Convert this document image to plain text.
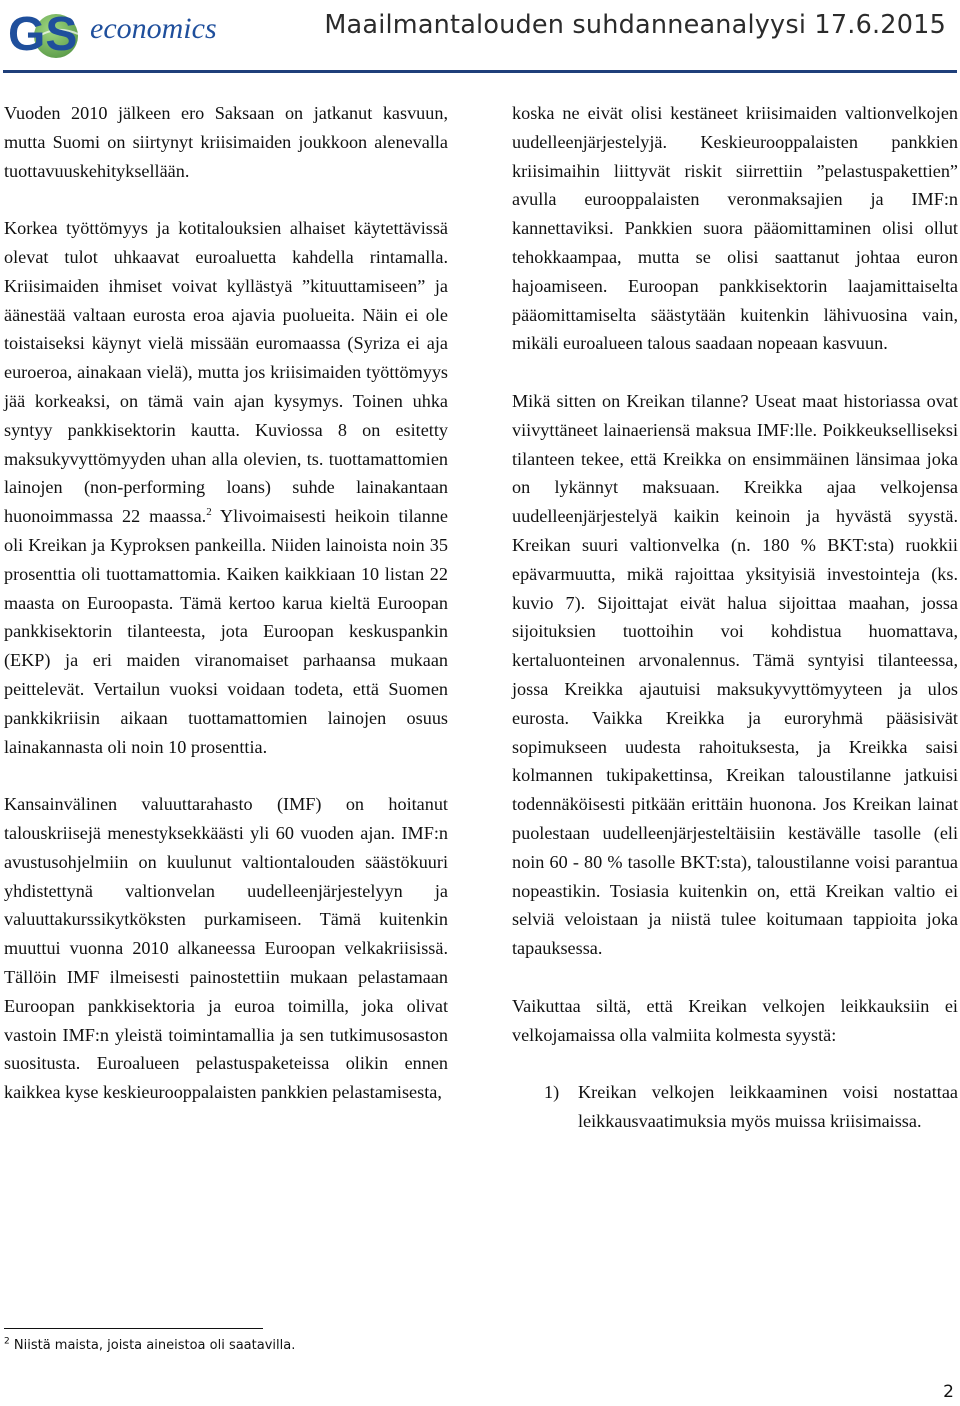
GS economics	Maailmantalouden suhdanneanalyysi 17.6.2015

Vuoden 2010 jälkeen ero Saksaan on jatkanut kasvuun, mutta Suomi on siirtynyt kriisimaiden joukkoon alenevalla tuottavuuskehityksellään.

Korkea työttömyys ja kotitalouksien alhaiset käytettävissä olevat tulot uhkaavat euroaluetta kahdella rintamalla. Kriisimaiden ihmiset voivat kyllästyä ”kituuttamiseen” ja äänestää valtaan eurosta eroa ajavia puolueita. Näin ei ole toistaiseksi käynyt vielä missään euromaassa (Syriza ei aja euroeroa, ainakaan vielä), mutta jos kriisimaiden työttömyys jää korkeaksi, on tämä vain ajan kysymys. Toinen uhka syntyy pankkisektorin kautta. Kuviossa 8 on esitetty maksukyvyttömyyden uhan alla olevien, ts. tuottamattomien lainojen (non-performing loans) suhde lainakantaan huonoimmassa 22 maassa.$^2$ Ylivoimaisesti heikoin tilanne oli Kreikan ja Kyproksen pankeilla. Niiden lainoista noin 35 prosenttia oli tuottamattomia. Kaiken kaikkiaan 10 listan 22 maasta on Euroopasta. Tämä kertoo karua kieltä Euroopan pankkisektorin tilanteesta, jota Euroopan keskuspankin (EKP) ja eri maiden viranomaiset parhaansa mukaan peittelevät. Vertailun vuoksi voidaan todeta, että Suomen pankkikriisin aikaan tuottamattomien lainojen osuus lainakannasta oli noin 10 prosenttia.

Kansainvälinen valuuttarahasto (IMF) on hoitanut talouskriisejä menestyksekkäästi yli 60 vuoden ajan. IMF:n avustusohjelmiin on kuulunut valtiontalouden säästökuuri yhdistettynä valtionvelan uudelleenjärjestelyyn ja valuuttakurssikytköksten purkamiseen. Tämä kuitenkin muuttui vuonna 2010 alkaneessa Euroopan velkakriisissä. Tällöin IMF ilmeisesti painostettiin mukaan pelastamaan Euroopan pankkisektoria ja euroa toimilla, joka olivat vastoin IMF:n yleistä toimintamallia ja sen tutkimusosaston suositusta. Euroalueen pelastuspaketeissa olikin ennen kaikkea kyse keskieurooppalaisten pankkien pelastamisesta,

koska ne eivät olisi kestäneet kriisimaiden valtionvelkojen uudelleenjärjestelyjä. Keskieurooppalaisten pankkien kriisimaihin liittyvät riskit siirrettiin ”pelastuspakettien” avulla eurooppalaisten veronmaksajien ja IMF:n kannettaviksi. Pankkien suora pääomittaminen olisi ollut tehokkaampaa, mutta se olisi saattanut johtaa euron hajoamiseen. Euroopan pankkisektorin laajamittaiselta pääomittamiselta säästytään kuitenkin lähivuosina vain, mikäli euroalueen talous saadaan nopeaan kasvuun.

Mikä sitten on Kreikan tilanne? Useat maat historiassa ovat viivyttäneet lainaeriensä maksua IMF:lle. Poikkeukselliseksi tilanteen tekee, että Kreikka on ensimmäinen länsimaa joka on lykännyt maksuaan. Kreikka ajaa velkojensa uudelleenjärjestelyä kaikin keinoin ja hyvästä syystä. Kreikan suuri valtionvelka (n. 180 % BKT:sta) ruokkii epävarmuutta, mikä rajoittaa yksityisiä investointeja (ks. kuvio 7). Sijoittajat eivät halua sijoittaa maahan, jossa sijoituksien tuottoihin voi kohdistua huomattava, kertaluonteinen arvonalennus. Tämä syntyisi tilanteessa, jossa Kreikka ajautuisi maksukyvyttömyyteen ja ulos eurosta. Vaikka Kreikka ja euroryhmä pääsisivät sopimukseen uudesta rahoituksesta, ja Kreikka saisi kolmannen tukipakettinsa, Kreikan taloustilanne jatkuisi todennäköisesti pitkään erittäin huonona. Jos Kreikan lainat puolestaan uudelleenjärjesteltäisiin kestävälle tasolle (eli noin 60 - 80 % tasolle BKT:sta), taloustilanne voisi parantua nopeastikin. Tosiasia kuitenkin on, että Kreikan valtio ei selviä veloistaan ja niistä tulee koitumaan tappioita joka tapauksessa.

Vaikuttaa siltä, että Kreikan velkojen leikkauksiin ei velkojamaissa olla valmiita kolmesta syystä:

1)	Kreikan velkojen leikkaaminen voisi nostattaa leikkausvaatimuksia myös muissa kriisimaissa.
$^2$ Niistä maista, joista aineistoa oli saatavilla.
2
